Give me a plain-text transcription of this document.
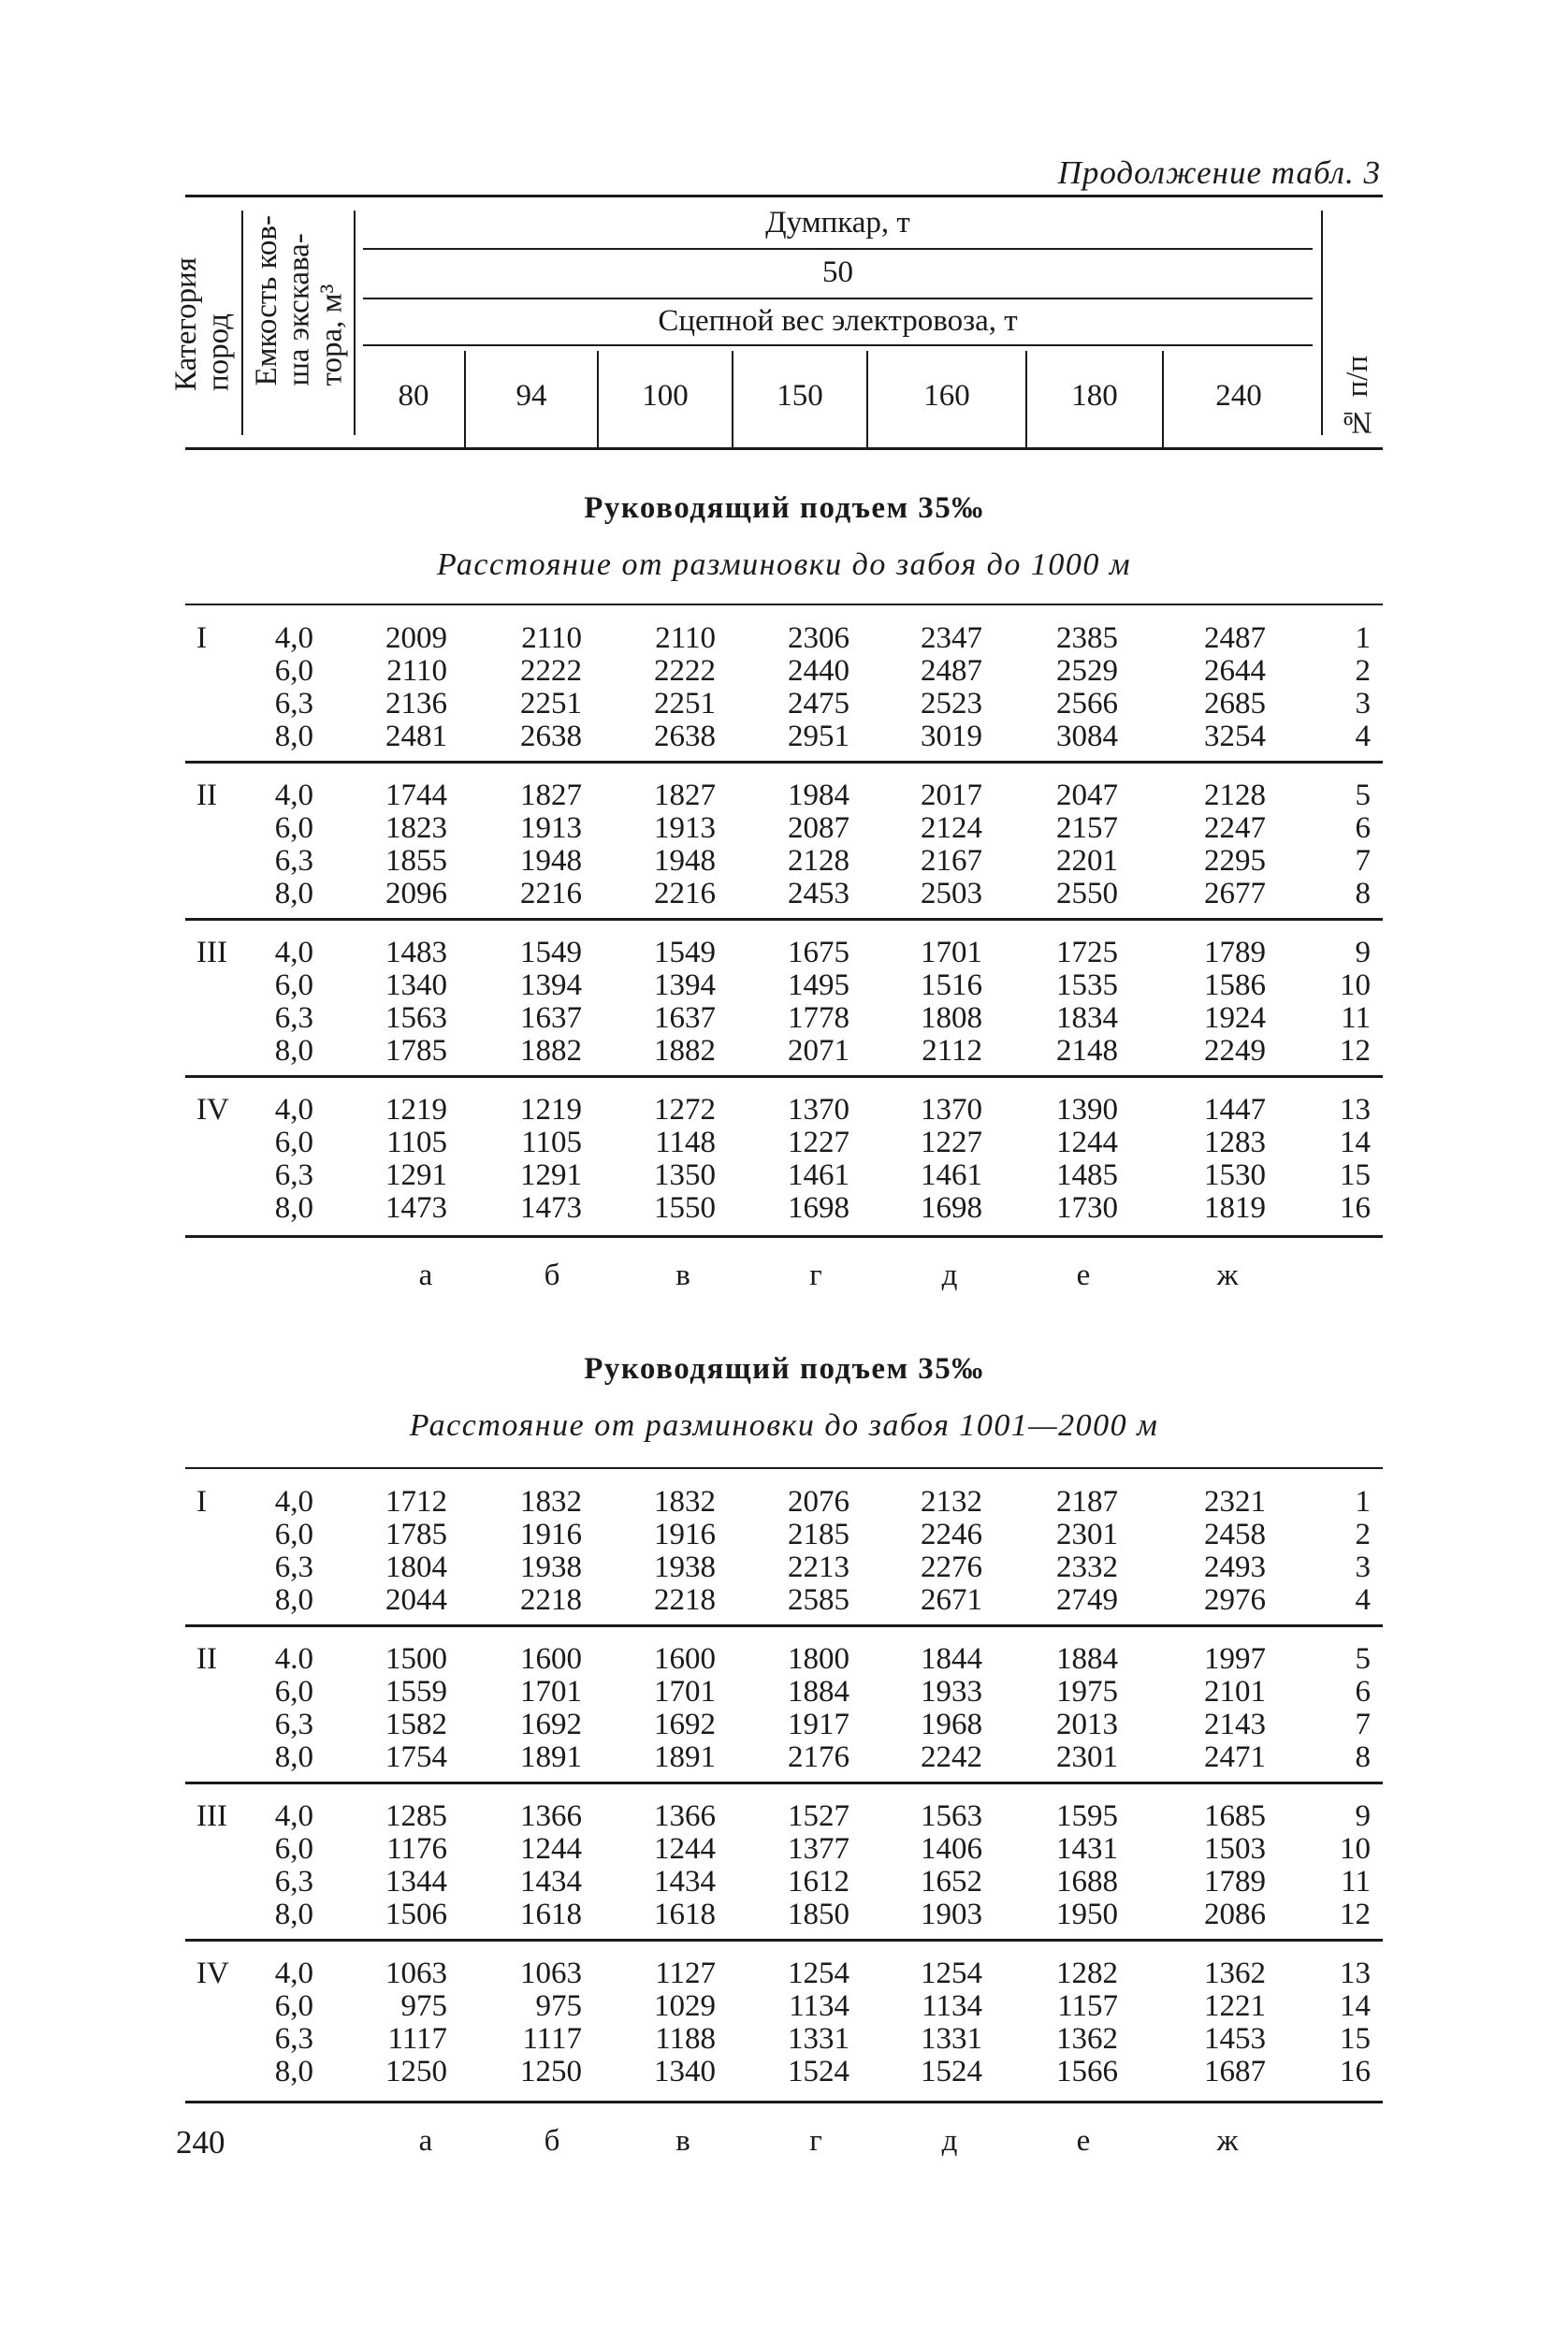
Продолжение табл. 3
Категория
пород Емкость ков-
ша экскава-
тора, м³
№ п/п
Думпкар, т
50
Сцепной вес электровоза, т
80	94	100	150	160	180	240
Руководящий подъем 35‰
Расстояние от разминовки до забоя до 1000 м
I	4,0	2009	2110	2110	2306	2347	2385	2487	1
6,0	2110	2222	2222	2440	2487	2529	2644	2
6,3	2136	2251	2251	2475	2523	2566	2685	3
8,0	2481	2638	2638	2951	3019	3084	3254	4
II	4,0	1744	1827	1827	1984	2017	2047	2128	5
6,0	1823	1913	1913	2087	2124	2157	2247	6
6,3	1855	1948	1948	2128	2167	2201	2295	7
8,0	2096	2216	2216	2453	2503	2550	2677	8
III	4,0	1483	1549	1549	1675	1701	1725	1789	9
6,0	1340	1394	1394	1495	1516	1535	1586	10
6,3	1563	1637	1637	1778	1808	1834	1924	11
8,0	1785	1882	1882	2071	2112	2148	2249	12
IV	4,0	1219	1219	1272	1370	1370	1390	1447	13
6,0	1105	1105	1148	1227	1227	1244	1283	14
6,3	1291	1291	1350	1461	1461	1485	1530	15
8,0	1473	1473	1550	1698	1698	1730	1819	16
а	б	в	г	д	е	ж
Руководящий подъем 35‰
Расстояние от разминовки до забоя 1001—2000 м
I	4,0	1712	1832	1832	2076	2132	2187	2321	1
6,0	1785	1916	1916	2185	2246	2301	2458	2
6,3	1804	1938	1938	2213	2276	2332	2493	3
8,0	2044	2218	2218	2585	2671	2749	2976	4
II	4.0	1500	1600	1600	1800	1844	1884	1997	5
6,0	1559	1701	1701	1884	1933	1975	2101	6
6,3	1582	1692	1692	1917	1968	2013	2143	7
8,0	1754	1891	1891	2176	2242	2301	2471	8
III	4,0	1285	1366	1366	1527	1563	1595	1685	9
6,0	1176	1244	1244	1377	1406	1431	1503	10
6,3	1344	1434	1434	1612	1652	1688	1789	11
8,0	1506	1618	1618	1850	1903	1950	2086	12
IV	4,0	1063	1063	1127	1254	1254	1282	1362	13
6,0	975	975	1029	1134	1134	1157	1221	14
6,3	1117	1117	1188	1331	1331	1362	1453	15
8,0	1250	1250	1340	1524	1524	1566	1687	16
а	б	в	г	д	е	ж
240
